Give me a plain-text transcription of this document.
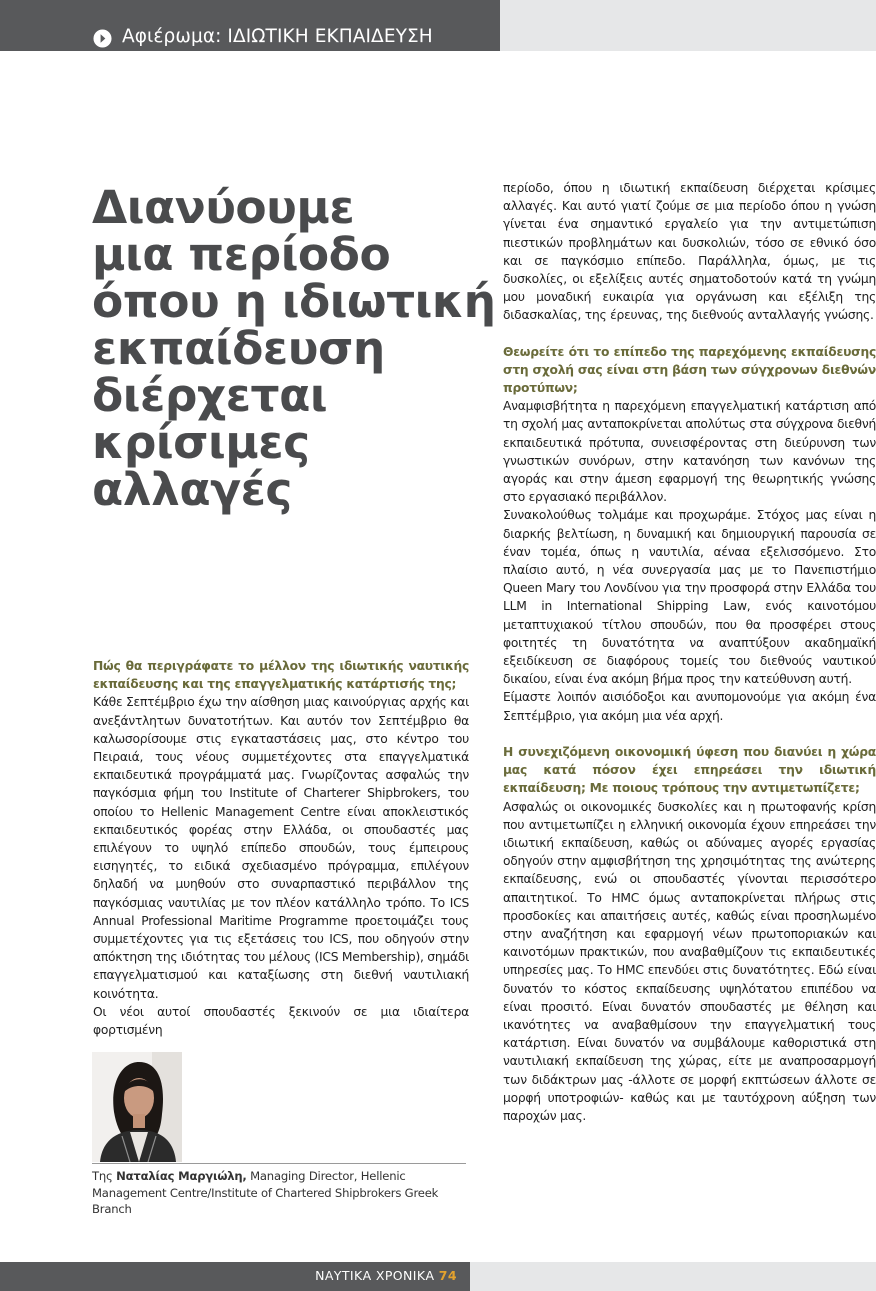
Αφιέρωμα: ΙΔΙΩΤΙΚΗ ΕΚΠΑΙΔΕΥΣΗ
Διανύουμε
μια περίοδο
όπου η ιδιωτική
εκπαίδευση
διέρχεται
κρίσιμες
αλλαγές

Πώς θα περιγράφατε το μέλλον της ιδιωτικής ναυτικής εκπαίδευσης και της επαγγελματικής κατάρτισής της;

Κάθε Σεπτέμβριο έχω την αίσθηση μιας καινούργιας αρχής και ανεξάντλητων δυνατοτήτων. Και αυτόν τον Σεπτέμβριο θα καλωσορίσουμε στις εγκαταστάσεις μας, στο κέντρο του Πειραιά, τους νέους συμμετέχοντες στα επαγγελματικά εκπαιδευτικά προγράμματά μας. Γνωρίζοντας ασφαλώς την παγκόσμια φήμη του Institute of Charterer Shipbrokers, του οποίου το Hellenic Management Centre είναι αποκλειστικός εκπαιδευτικός φορέας στην Ελλάδα, οι σπουδαστές μας επιλέγουν το υψηλό επίπεδο σπουδών, τους έμπειρους εισηγητές, το ειδικά σχεδιασμένο πρόγραμμα, επιλέγουν δηλαδή να μυηθούν στο συναρπαστικό περιβάλλον της παγκόσμιας ναυτιλίας με τον πλέον κατάλληλο τρόπο. Το ICS Annual Professional Maritime Programme προετοιμάζει τους συμμετέχοντες για τις εξετάσεις του ICS, που οδηγούν στην απόκτηση της ιδιότητας του μέλους (ICS Membership), σημάδι επαγγελματισμού και καταξίωσης στη διεθνή ναυτιλιακή κοινότητα.

Οι νέοι αυτοί σπουδαστές ξεκινούν σε μια ιδιαίτερα φορτισμένη

Της Ναταλίας Μαργιώλη, Managing Director, Hellenic Management Centre/Institute of Chartered Shipbrokers Greek Branch

περίοδο, όπου η ιδιωτική εκπαίδευση διέρχεται κρίσιμες αλλαγές. Και αυτό γιατί ζούμε σε μια περίοδο όπου η γνώση γίνεται ένα σημαντικό εργαλείο για την αντιμετώπιση πιεστικών προβλημάτων και δυσκολιών, τόσο σε εθνικό όσο και σε παγκόσμιο επίπεδο. Παράλληλα, όμως, με τις δυσκολίες, οι εξελίξεις αυτές σηματοδοτούν κατά τη γνώμη μου μοναδική ευκαιρία για οργάνωση και εξέλιξη της διδασκαλίας, της έρευνας, της διεθνούς ανταλλαγής γνώσης.

Θεωρείτε ότι το επίπεδο της παρεχόμενης εκπαίδευσης στη σχολή σας είναι στη βάση των σύγχρονων διεθνών προτύπων;

Αναμφισβήτητα η παρεχόμενη επαγγελματική κατάρτιση από τη σχολή μας ανταποκρίνεται απολύτως στα σύγχρονα διεθνή εκπαιδευτικά πρότυπα, συνεισφέροντας στη διεύρυνση των γνωστικών συνόρων, στην κατανόηση των κανόνων της αγοράς και στην άμεση εφαρμογή της θεωρητικής γνώσης στο εργασιακό περιβάλλον.

Συνακολούθως τολμάμε και προχωράμε. Στόχος μας είναι η διαρκής βελτίωση, η δυναμική και δημιουργική παρουσία σε έναν τομέα, όπως η ναυτιλία, αέναα εξελισσόμενο. Στο πλαίσιο αυτό, η νέα συνεργασία μας με το Πανεπιστήμιο Queen Mary του Λονδίνου για την προσφορά στην Ελλάδα του LLM in International Shipping Law, ενός καινοτόμου μεταπτυχιακού τίτλου σπουδών, που θα προσφέρει στους φοιτητές τη δυνατότητα να αναπτύξουν ακαδημαϊκή εξειδίκευση σε διαφόρους τομείς του διεθνούς ναυτικού δικαίου, είναι ένα ακόμη βήμα προς την κατεύθυνση αυτή.

Είμαστε λοιπόν αισιόδοξοι και ανυπομονούμε για ακόμη ένα Σεπτέμβριο, για ακόμη μια νέα αρχή.

Η συνεχιζόμενη οικονομική ύφεση που διανύει η χώρα μας κατά πόσον έχει επηρεάσει την ιδιωτική εκπαίδευση; Με ποιους τρόπους την αντιμετωπίζετε;

Ασφαλώς οι οικονομικές δυσκολίες και η πρωτοφανής κρίση που αντιμετωπίζει η ελληνική οικονομία έχουν επηρεάσει την ιδιωτική εκπαίδευση, καθώς οι αδύναμες αγορές εργασίας οδηγούν στην αμφισβήτηση της χρησιμότητας της ανώτερης εκπαίδευσης, ενώ οι σπουδαστές γίνονται περισσότερο απαιτητικοί. Το HMC όμως ανταποκρίνεται πλήρως στις προσδοκίες και απαιτήσεις αυτές, καθώς είναι προσηλωμένο στην αναζήτηση και εφαρμογή νέων πρωτοποριακών και καινοτόμων πρακτικών, που αναβαθμίζουν τις εκπαιδευτικές υπηρεσίες μας. Το HMC επενδύει στις δυνατότητες. Εδώ είναι δυνατόν το κόστος εκπαίδευσης υψηλότατου επιπέδου να είναι προσιτό. Είναι δυνατόν σπουδαστές με θέληση και ικανότητες να αναβαθμίσουν την επαγγελματική τους κατάρτιση. Είναι δυνατόν να συμβάλουμε καθοριστικά στη ναυτιλιακή εκπαίδευση της χώρας, είτε με αναπροσαρμογή των διδάκτρων μας -άλλοτε σε μορφή εκπτώσεων άλλοτε σε μορφή υποτροφιών- καθώς και με ταυτόχρονη αύξηση των παροχών μας.

ΝΑΥΤΙΚΑ ΧΡΟΝΙΚΑ 74
